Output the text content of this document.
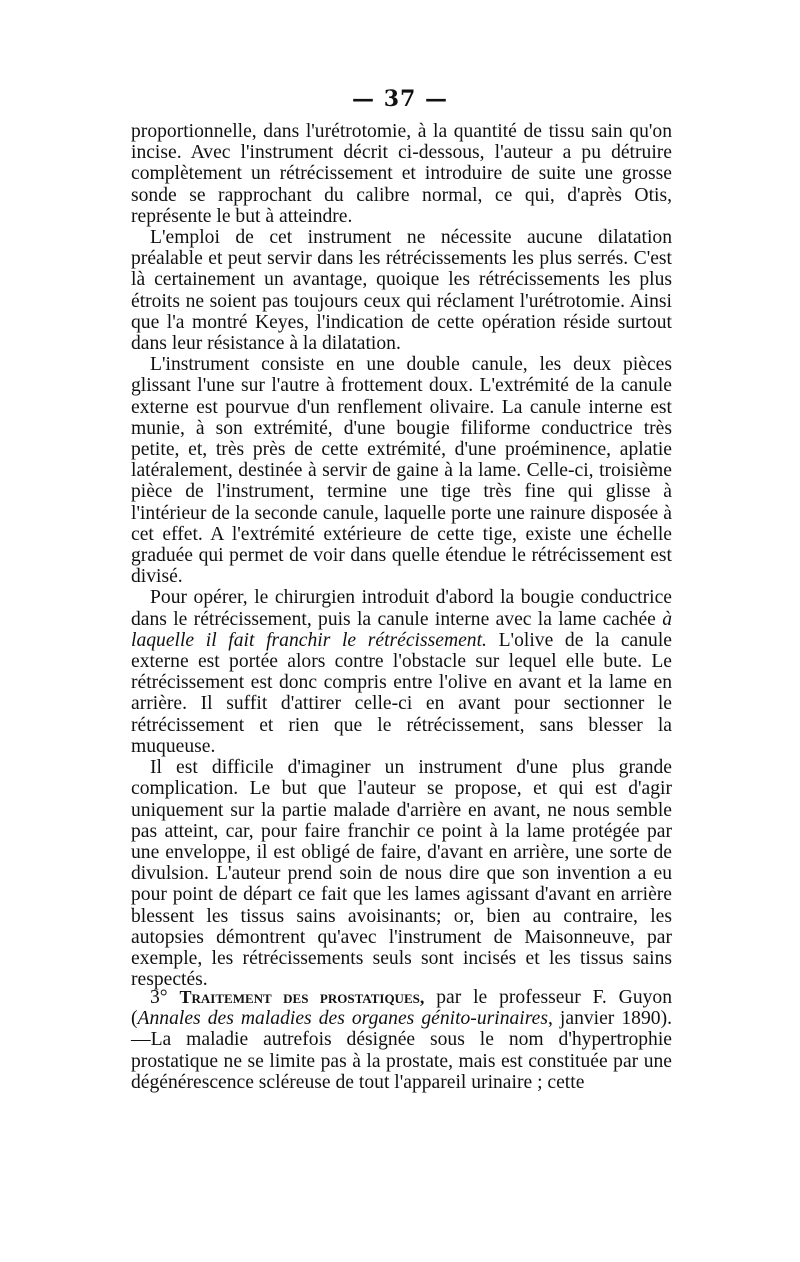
— 37 —

proportionnelle, dans l'urétrotomie, à la quantité de tissu sain qu'on incise. Avec l'instrument décrit ci-dessous, l'auteur a pu détruire complètement un rétrécissement et introduire de suite une grosse sonde se rapprochant du calibre normal, ce qui, d'après Otis, représente le but à atteindre.

L'emploi de cet instrument ne nécessite aucune dilatation préalable et peut servir dans les rétrécissements les plus serrés. C'est là certainement un avantage, quoique les rétrécissements les plus étroits ne soient pas toujours ceux qui réclament l'urétrotomie. Ainsi que l'a montré Keyes, l'indication de cette opération réside surtout dans leur résistance à la dilatation.

L'instrument consiste en une double canule, les deux pièces glissant l'une sur l'autre à frottement doux. L'extrémité de la canule externe est pourvue d'un renflement olivaire. La canule interne est munie, à son extrémité, d'une bougie filiforme conductrice très petite, et, très près de cette extrémité, d'une proéminence, aplatie latéralement, destinée à servir de gaine à la lame. Celle-ci, troisième pièce de l'instrument, termine une tige très fine qui glisse à l'intérieur de la seconde canule, laquelle porte une rainure disposée à cet effet. A l'extrémité extérieure de cette tige, existe une échelle graduée qui permet de voir dans quelle étendue le rétrécissement est divisé.

Pour opérer, le chirurgien introduit d'abord la bougie conductrice dans le rétrécissement, puis la canule interne avec la lame cachée à laquelle il fait franchir le rétrécissement. L'olive de la canule externe est portée alors contre l'obstacle sur lequel elle bute. Le rétrécissement est donc compris entre l'olive en avant et la lame en arrière. Il suffit d'attirer celle-ci en avant pour sectionner le rétrécissement et rien que le rétrécissement, sans blesser la muqueuse.

Il est difficile d'imaginer un instrument d'une plus grande complication. Le but que l'auteur se propose, et qui est d'agir uniquement sur la partie malade d'arrière en avant, ne nous semble pas atteint, car, pour faire franchir ce point à la lame protégée par une enveloppe, il est obligé de faire, d'avant en arrière, une sorte de divulsion. L'auteur prend soin de nous dire que son invention a eu pour point de départ ce fait que les lames agissant d'avant en arrière blessent les tissus sains avoisinants; or, bien au contraire, les autopsies démontrent qu'avec l'instrument de Maisonneuve, par exemple, les rétrécissements seuls sont incisés et les tissus sains respectés.

3° Traitement des prostatiques, par le professeur F. Guyon (Annales des maladies des organes génito-urinaires, janvier 1890). —La maladie autrefois désignée sous le nom d'hypertrophie prostatique ne se limite pas à la prostate, mais est constituée par une dégénérescence scléreuse de tout l'appareil urinaire ; cette
